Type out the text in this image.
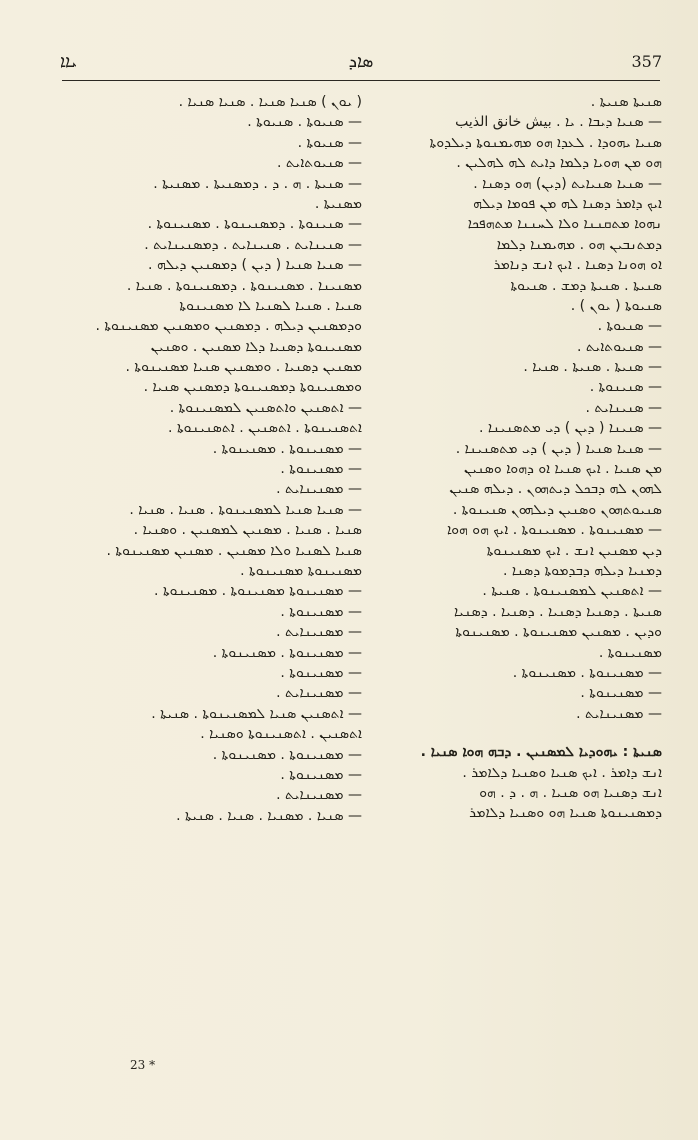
ܝܐܐ	ܣܐܕ	357
ܣܢܝܬܐ ܣܢܝܬܐ .
— ܣܢܝܐ ܕܝܒܐ . ܝܐ . بيش خانق الذيب
ܣܢܝܐ ܝܗܘܕܐ . ܠܥܕܐ ܗܘ ܡܗܝܡܢܘܬܐ ܕܝܠܕܘܬܐ
ܗܘ ܡܢ ܗܘܝܐ ܕܠܡܐ ܕܐܝܬ ܠܗ ܠܗܠܝܢ .
— ܣܢܝܐ ܣܢܝܐܝܬ (ܕܝܢ) ܗܘ ܕܣܢܐ .
ܐܝܟ ܕܐܡܪ ܕܣܢܐ ܠܗ ܡܢ ܦܘܡܐ ܕܝܠܗ
ܢܗܘܐ ܡܬܩܢܢܐ ܘܠܐ ܠܚܢܢܐ ܡܬܗܦܟܐ
ܕܡܬܢܒܝܢ ܗܘ . ܡܗܝܡܢܐ ܕܠܡܐ
ܐܘ ܗܘܢܐ ܕܣܢܐ . ܐܝܟ ܐܢܫ ܕܢܐܡܪ
ܣܢܝܬܐ . ܣܢܝܬܐ ܕܡܫ . ܣܢܝܘܬܐ
ܣܢܝܘܬܐ ( ܝܘܢ ) .
— ܣܢܝܘܬܐ .
— ܣܢܝܘܬܐܝܬ .
— ܣܢܝܬܐ . ܣܢܝܬܐ . ܣܢܝܐ .
— ܣܢܝܢܘܬܐ .
— ܣܢܝܢܐܝܬ .
— ܣܢܝܢܐ ( ܕܝܢ ) ܕܝ ܡܬܣܢܝܢܐ .
— ܣܢܝܐ ܣܢܝܐ ( ܕܝܢ ) ܕܝ ܡܬܣܢܝܢܐ .
ܡܢ ܣܢܝܐ . ܐܝܟ ܣܢܝܐ ܐܘ ܕܗܘܐ ܘܣܢܝܢ
ܠܗܘܢ ܠܗ ܕܒܟܠ ܕܝܬܗܘܢ . ܕܝܠܗ ܣܢܝܢ
ܣܢܝܘܬܗܘܢ ܘܣܢܝܢ ܕܝܠܗܘܢ ܣܢܝܢܘܬܐ .
— ܡܣܢܝܢܘܬܐ . ܡܣܢܝܢܘܬܐ . ܐܝܟ ܗܘ ܗܘܐ
ܕܝܢ ܡܣܢܝܢ ܐܢܫ . ܐܝܟ ܡܣܢܝܢܘܬܐ
ܕܡܢܝܐ ܕܝܠܗ ܕܒܕܡܘܬܐ ܕܣܢܐ .
— ܐܬܣܢܝܢ ܠܡܣܢܝܢܘܬܐ . ܣܢܝܬܐ .
ܣܢܝܬܐ . ܕܣܢܝܐ ܕܣܢܝܐ . ܕܣܢܝܐ . ܕܣܢܝܐ
ܘܕܝܢ . ܡܣܢܝܢ ܡܣܢܝܢܘܬܐ . ܡܣܢܝܢܘܬܐ
ܡܣܢܝܢܘܬܐ .
— ܡܣܢܝܢܘܬܐ . ܡܣܢܝܢܘܬܐ .
— ܡܣܢܝܢܘܬܐ .
— ܡܣܢܝܢܐܝܬ .
ܣܢܝܬܐ : ܝܗܘܕܝܐ ܠܡܣܢܝܢ . ܕܒܗ ܗܘܐ ܣܢܝܐ .
ܐܢܫ ܕܐܡܪ . ܐܝܟ ܣܢܝܐ ܘܣܢܝܐ ܕܠܐܡܪ .
ܐܢܫ ܕܣܢܝܐ ܗܘ ܣܢܝܐ . ܗ . ܕ . ܗܘ
ܕܡܣܢܝܢܘܬܐ ܣܢܝܐ ܗܘ ܘܣܢܝܐ ܕܠܐܡܪ
( ܝܘܢ ) ܣܢܝܐ ܣܢܝܐ . ܣܢܝܐ ܣܢܝܐ .
— ܣܢܝܘܬܐ . ܣܢܝܘܬܐ .
— ܣܢܝܘܬܐ .
— ܣܢܝܘܬܐܝܬ .
— ܣܢܝܬܐ . ܗ . ܕ . ܕܡܣܢܝܬܐ . ܡܣܢܝܬܐ .
ܡܣܢܝܬܐ .
— ܣܢܝܢܘܬܐ . ܕܡܣܢܝܢܘܬܐ . ܡܣܢܝܢܘܬܐ .
— ܣܢܝܢܐܝܬ . ܣܢܝܢܐܝܬ . ܕܡܣܢܝܢܐܝܬ .
— ܣܢܝܐ ܣܢܝܐ ( ܕܝܢ ) ܕܡܣܢܝܢ ܕܝܠܗ .
ܡܣܢܝܢܐ . ܡܣܢܝܢܘܬܐ . ܕܡܣܢܝܢܘܬܐ . ܣܢܝܐ .
ܣܢܝܐ . ܣܢܝܐ ܠܣܢܝܐ ܠܐ ܡܣܢܝܢܘܬܐ
ܘܕܡܣܢܝܢ ܕܝܠܗ . ܕܡܣܢܝܢ ܘܡܣܢܝܢ ܡܣܢܝܢܘܬܐ .
ܡܣܢܝܢܘܬܐ ܕܣܢܝܐ ܕܠܐ ܡܣܢܝܢ . ܘܣܢܝܢ
ܡܣܢܝܢ ܕܣܢܝܐ . ܘܡܣܢܝܢ ܣܢܝܐ ܡܣܢܝܢܘܬܐ .
ܘܡܣܢܝܢܘܬܐ ܕܡܣܢܝܢܘܬܐ ܕܡܣܢܝܢ ܣܢܝܐ .
— ܐܬܣܢܝܢ ܘܐܬܣܢܝܢ ܠܡܣܢܝܢܘܬܐ .
ܐܬܣܢܝܢܘܬܐ . ܐܬܣܢܝܢ . ܐܬܣܢܝܢܘܬܐ .
— ܡܣܢܝܢܘܬܐ . ܡܣܢܝܢܘܬܐ .
— ܡܣܢܝܢܘܬܐ .
— ܡܣܢܝܢܐܝܬ .
— ܣܢܝܐ ܣܢܝܐ ܠܡܣܢܝܢܘܬܐ . ܣܢܝܐ . ܣܢܝܐ .
ܣܢܝܐ . ܣܢܝܐ . ܡܣܢܝܢ ܠܡܣܢܝܢ . ܘܣܢܝܐ .
ܣܢܝܐ ܠܣܢܝܐ ܘܠܐ ܡܣܢܝܢ . ܡܣܢܝܢ ܡܣܢܝܢܘܬܐ .
ܡܣܢܝܢܘܬܐ ܡܣܢܝܢܘܬܐ .
— ܡܣܢܝܢܘܬܐ ܡܣܢܝܢܘܬܐ . ܡܣܢܝܢܘܬܐ .
— ܡܣܢܝܢܘܬܐ .
— ܡܣܢܝܢܐܝܬ .
— ܡܣܢܝܢܘܬܐ . ܡܣܢܝܢܘܬܐ .
— ܡܣܢܝܢܘܬܐ .
— ܡܣܢܝܢܐܝܬ .
— ܐܬܣܢܝܢ ܣܢܝܐ ܠܡܣܢܝܢܘܬܐ . ܣܢܝܬܐ .
ܐܬܣܢܝܢ . ܐܬܣܢܝܢܘܬܐ ܘܣܢܝܐ .
— ܡܣܢܝܢܘܬܐ . ܡܣܢܝܢܘܬܐ .
— ܡܣܢܝܢܘܬܐ .
— ܡܣܢܝܢܐܝܬ .
— ܣܢܝܐ . ܡܣܢܝܐ . ܣܢܝܐ . ܣܢܝܬܐ .
23 *
